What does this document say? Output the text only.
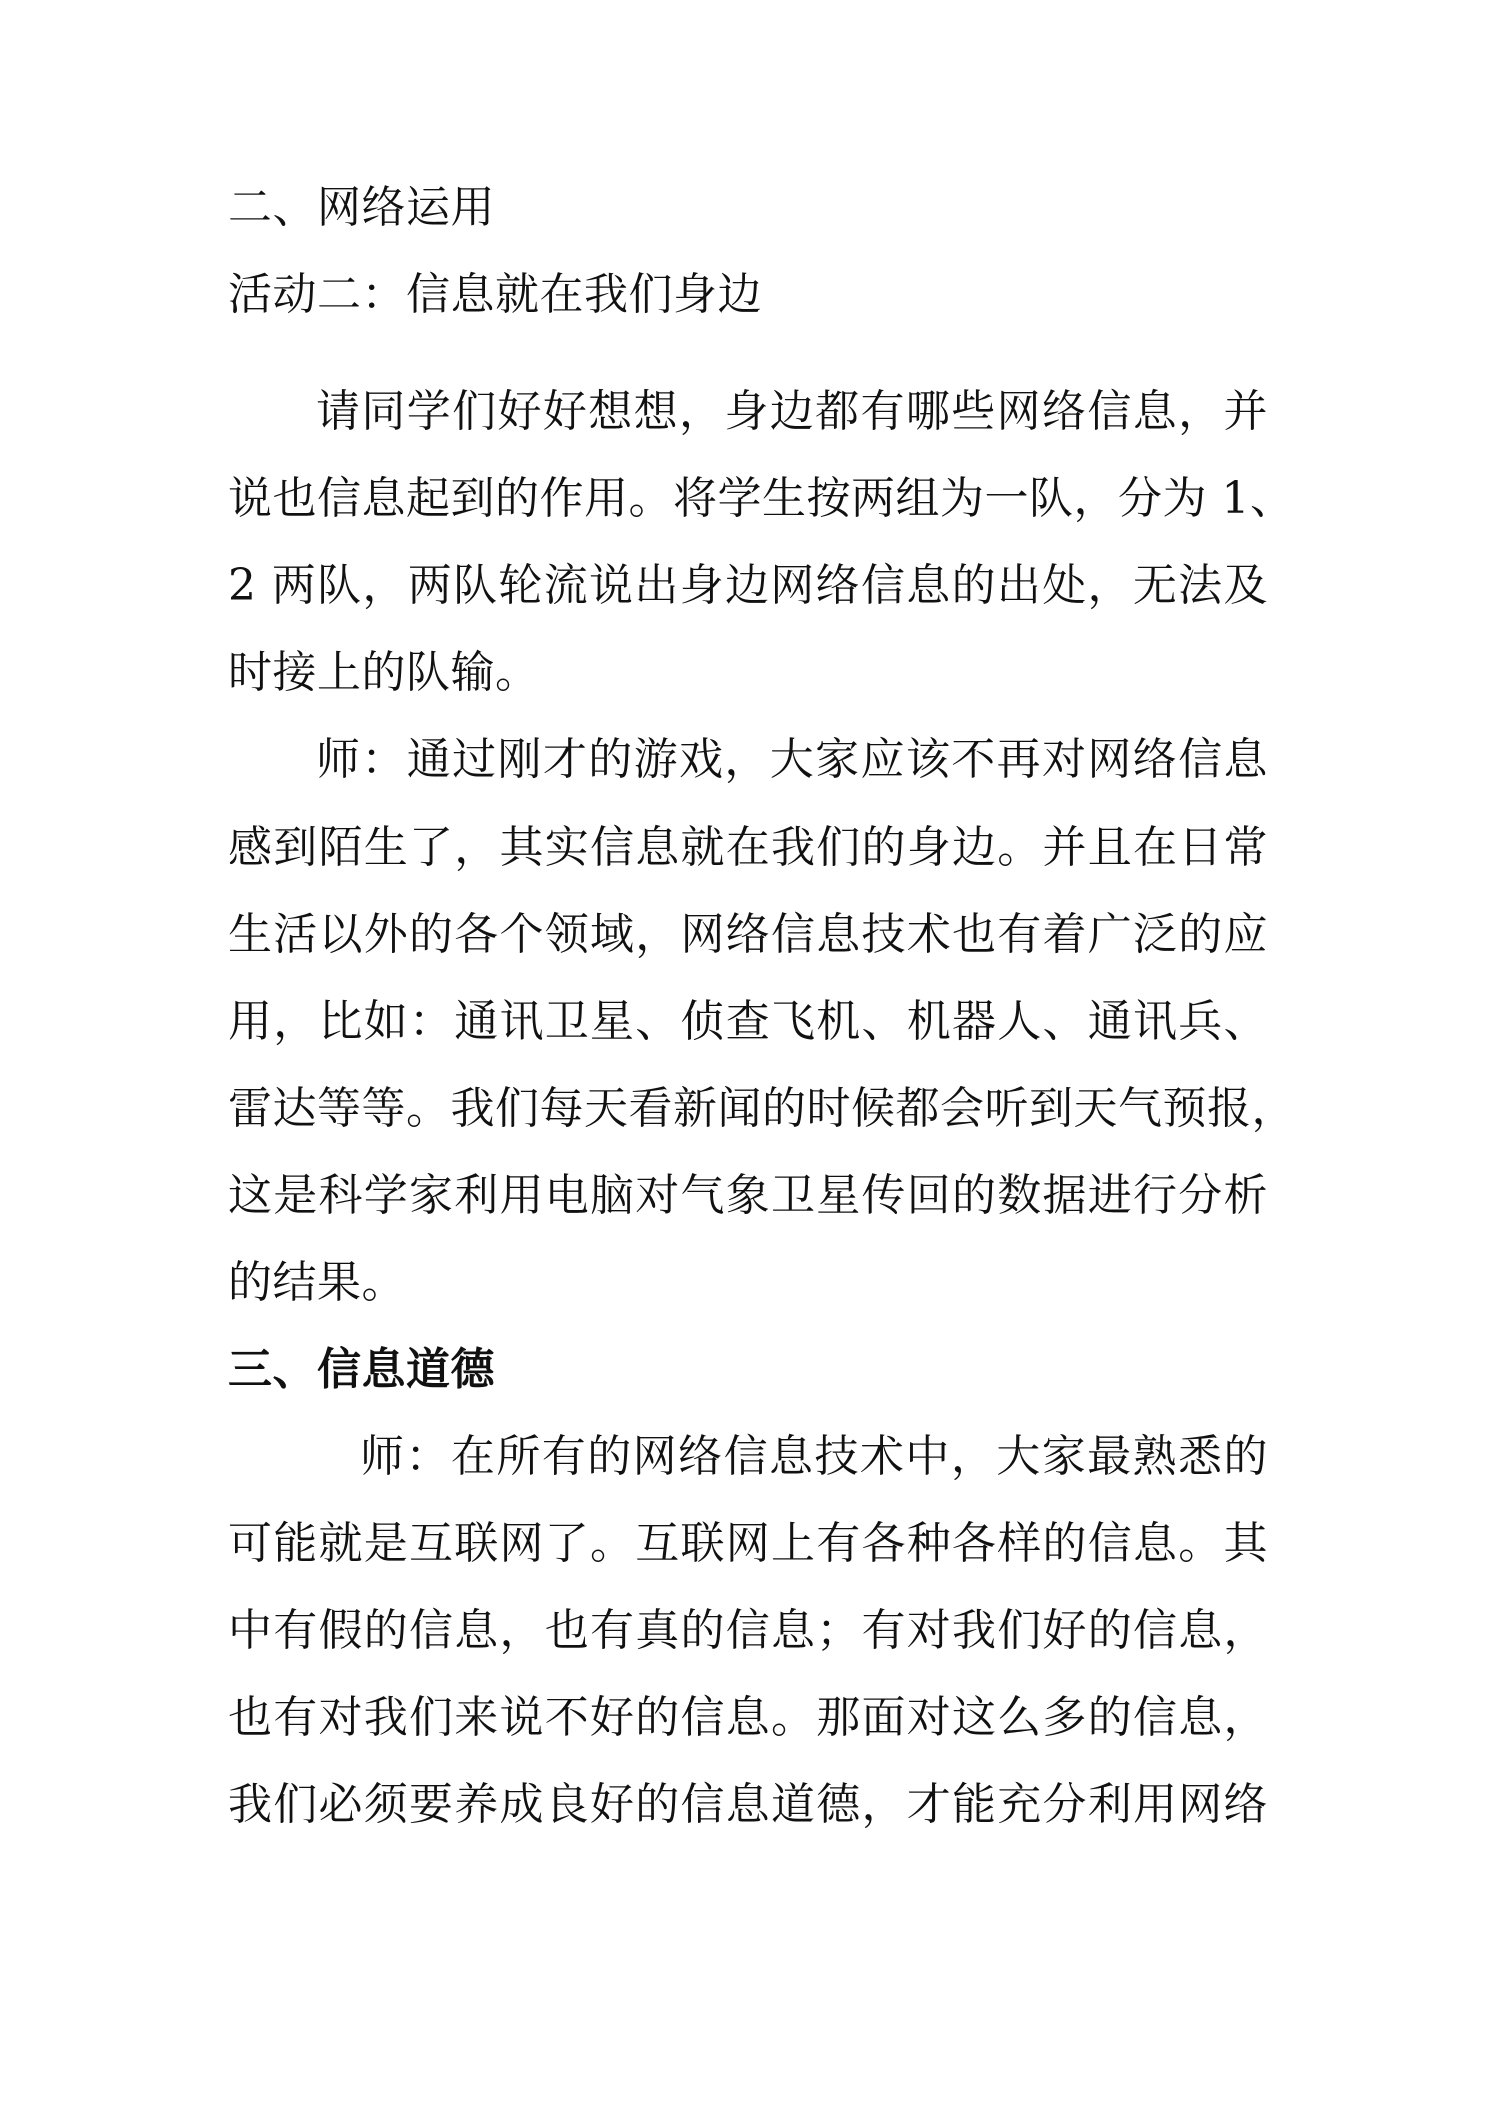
二、网络运用
活动二：信息就在我们身边
请同学们好好想想，身边都有哪些网络信息，并
说也信息起到的作用。将学生按两组为一队，分为 1、
2 两队，两队轮流说出身边网络信息的出处，无法及
时接上的队输。
师：通过刚才的游戏，大家应该不再对网络信息
感到陌生了，其实信息就在我们的身边。并且在日常
生活以外的各个领域，网络信息技术也有着广泛的应
用，比如：通讯卫星、侦查飞机、机器人、通讯兵、
雷达等等。我们每天看新闻的时候都会听到天气预报，
这是科学家利用电脑对气象卫星传回的数据进行分析
的结果。
三、信息道德
师：在所有的网络信息技术中，大家最熟悉的
可能就是互联网了。互联网上有各种各样的信息。其
中有假的信息，也有真的信息；有对我们好的信息，
也有对我们来说不好的信息。那面对这么多的信息，
我们必须要养成良好的信息道德，才能充分利用网络
